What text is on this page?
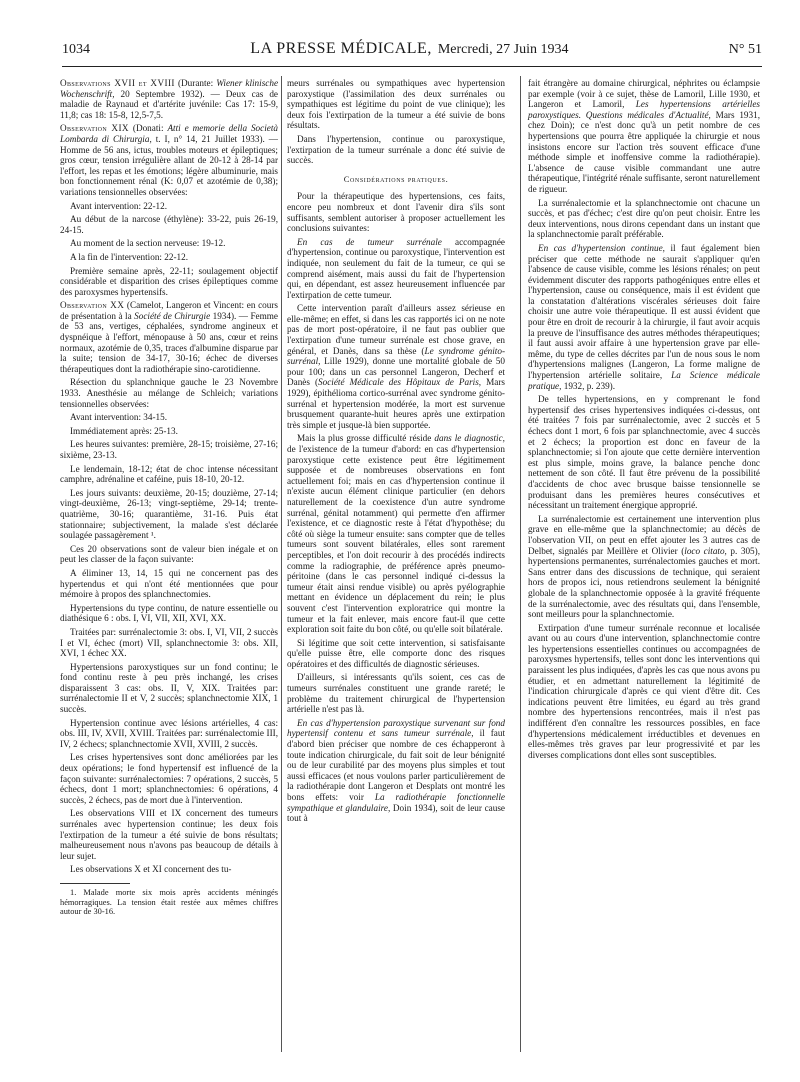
1034	LA PRESSE MÉDICALE, Mercredi, 27 Juin 1934	N° 51

Observations XVII et XVIII (Durante: Wiener klinische Wochenschrift, 20 Septembre 1932). — Deux cas de maladie de Raynaud et d'artérite juvénile: Cas 17: 15-9, 11,8; cas 18: 15-8, 12,5-7,5.

Observation XIX (Donati: Atti e memorie della Società Lombarda di Chirurgia, t. I, n° 14, 21 Juillet 1933). — Homme de 56 ans, ictus, troubles moteurs et épileptiques; gros cœur, tension irrégulière allant de 20-12 à 28-14 par l'effort, les repas et les émotions; légère albuminurie, mais bon fonctionnement rénal (K: 0,07 et azotémie de 0,38); variations tensionnelles observées:

Avant intervention: 22-12.

Au début de la narcose (éthylène): 33-22, puis 26-19, 24-15.

Au moment de la section nerveuse: 19-12.

A la fin de l'intervention: 22-12.

Première semaine après, 22-11; soulagement objectif considérable et disparition des crises épileptiques comme des paroxysmes hypertensifs.

Observation XX (Camelot, Langeron et Vincent: en cours de présentation à la Société de Chirurgie 1934). — Femme de 53 ans, vertiges, céphalées, syndrome angineux et dyspnéique à l'effort, ménopause à 50 ans, cœur et reins normaux, azotémie de 0,35, traces d'albumine disparue par la suite; tension de 34-17, 30-16; échec de diverses thérapeutiques dont la radiothérapie sino-carotidienne.

Résection du splanchnique gauche le 23 Novembre 1933. Anesthésie au mélange de Schleich; variations tensionnelles observées:

Avant intervention: 34-15.

Immédiatement après: 25-13.

Les heures suivantes: première, 28-15; troisième, 27-16; sixième, 23-13.

Le lendemain, 18-12; état de choc intense nécessitant camphre, adrénaline et caféine, puis 18-10, 20-12.

Les jours suivants: deuxième, 20-15; douzième, 27-14; vingt-deuxième, 26-13; vingt-septième, 29-14; trente-quatrième, 30-16; quarantième, 31-16. Puis état stationnaire; subjectivement, la malade s'est déclarée soulagée passagèrement ¹.

Ces 20 observations sont de valeur bien inégale et on peut les classer de la façon suivante:

A éliminer 13, 14, 15 qui ne concernent pas des hypertendus et qui n'ont été mentionnées que pour mémoire à propos des splanchnectomies.

Hypertensions du type continu, de nature essentielle ou diathésique 6 : obs. I, VI, VII, XII, XVI, XX.

Traitées par: surrénalectomie 3: obs. I, VI, VII, 2 succès I et VI, échec (mort) VII, splanchnectomie 3: obs. XII, XVI, 1 échec XX.

Hypertensions paroxystiques sur un fond continu; le fond continu reste à peu près inchangé, les crises disparaissent 3 cas: obs. II, V, XIX. Traitées par: surrénalectomie II et V, 2 succès; splanchnectomie XIX, 1 succès.

Hypertension continue avec lésions artérielles, 4 cas: obs. III, IV, XVII, XVIII. Traitées par: surrénalectomie III, IV, 2 échecs; splanchnectomie XVII, XVIII, 2 succès.

Les crises hypertensives sont donc améliorées par les deux opérations; le fond hypertensif est influencé de la façon suivante: surrénalectomies: 7 opérations, 2 succès, 5 échecs, dont 1 mort; splanchnectomies: 6 opérations, 4 succès, 2 échecs, pas de mort due à l'intervention.

Les observations VIII et IX concernent des tumeurs surrénales avec hypertension continue; les deux fois l'extirpation de la tumeur a été suivie de bons résultats; malheureusement nous n'avons pas beaucoup de détails à leur sujet.

Les observations X et XI concernent des tu-

1. Malade morte six mois après accidents méningés hémorragiques. La tension était restée aux mêmes chiffres autour de 30-16.

meurs surrénales ou sympathiques avec hypertension paroxystique (l'assimilation des deux surrénales ou sympathiques est légitime du point de vue clinique); les deux fois l'extirpation de la tumeur a été suivie de bons résultats.

Dans l'hypertension, continue ou paroxystique, l'extirpation de la tumeur surrénale a donc été suivie de succès.

Considérations pratiques.

Pour la thérapeutique des hypertensions, ces faits, encore peu nombreux et dont l'avenir dira s'ils sont suffisants, semblent autoriser à proposer actuellement les conclusions suivantes:

En cas de tumeur surrénale accompagnée d'hypertension, continue ou paroxystique, l'intervention est indiquée, non seulement du fait de la tumeur, ce qui se comprend aisément, mais aussi du fait de l'hypertension qui, en dépendant, est assez heureusement influencée par l'extirpation de cette tumeur.

Cette intervention paraît d'ailleurs assez sérieuse en elle-même; en effet, si dans les cas rapportés ici on ne note pas de mort post-opératoire, il ne faut pas oublier que l'extirpation d'une tumeur surrénale est chose grave, en général, et Danès, dans sa thèse (Le syndrome génito-surrénal, Lille 1929), donne une mortalité globale de 50 pour 100; dans un cas personnel Langeron, Decherf et Danès (Société Médicale des Hôpitaux de Paris, Mars 1929), épithélioma cortico-surrénal avec syndrome génito-surrénal et hypertension modérée, la mort est survenue brusquement quarante-huit heures après une extirpation très simple et jusque-là bien supportée.

Mais la plus grosse difficulté réside dans le diagnostic, de l'existence de la tumeur d'abord: en cas d'hypertension paroxystique cette existence peut être légitimement supposée et de nombreuses observations en font actuellement foi; mais en cas d'hypertension continue il n'existe aucun élément clinique particulier (en dehors naturellement de la coexistence d'un autre syndrome surrénal, génital notamment) qui permette d'en affirmer l'existence, et ce diagnostic reste à l'état d'hypothèse; du côté où siège la tumeur ensuite: sans compter que de telles tumeurs sont souvent bilatérales, elles sont rarement perceptibles, et l'on doit recourir à des procédés indirects comme la radiographie, de préférence après pneumo-péritoine (dans le cas personnel indiqué ci-dessus la tumeur était ainsi rendue visible) ou après pyélographie mettant en évidence un déplacement du rein; le plus souvent c'est l'intervention exploratrice qui montre la tumeur et la fait enlever, mais encore faut-il que cette exploration soit faite du bon côté, ou qu'elle soit bilatérale.

Si légitime que soit cette intervention, si satisfaisante qu'elle puisse être, elle comporte donc des risques opératoires et des difficultés de diagnostic sérieuses.

D'ailleurs, si intéressants qu'ils soient, ces cas de tumeurs surrénales constituent une grande rareté; le problème du traitement chirurgical de l'hypertension artérielle n'est pas là.

En cas d'hypertension paroxystique survenant sur fond hypertensif contenu et sans tumeur surrénale, il faut d'abord bien préciser que nombre de ces échapperont à toute indication chirurgicale, du fait soit de leur bénignité ou de leur curabilité par des moyens plus simples et tout aussi efficaces (et nous voulons parler particulièrement de la radiothérapie dont Langeron et Desplats ont montré les bons effets: voir La radiothérapie fonctionnelle sympathique et glandulaire, Doin 1934), soit de leur cause tout à

fait étrangère au domaine chirurgical, néphrites ou éclampsie par exemple (voir à ce sujet, thèse de Lamoril, Lille 1930, et Langeron et Lamoril, Les hypertensions artérielles paroxystiques. Questions médicales d'Actualité, Mars 1931, chez Doin); ce n'est donc qu'à un petit nombre de ces hypertensions que pourra être appliquée la chirurgie et nous insistons encore sur l'action très souvent efficace d'une méthode simple et inoffensive comme la radiothérapie). L'absence de cause visible commandant une autre thérapeutique, l'intégrité rénale suffisante, seront naturellement de rigueur.

La surrénalectomie et la splanchnectomie ont chacune un succès, et pas d'échec; c'est dire qu'on peut choisir. Entre les deux interventions, nous dirons cependant dans un instant que la splanchnectomie paraît préférable.

En cas d'hypertension continue, il faut également bien préciser que cette méthode ne saurait s'appliquer qu'en l'absence de cause visible, comme les lésions rénales; on peut évidemment discuter des rapports pathogéniques entre elles et l'hypertension, cause ou conséquence, mais il est évident que la constatation d'altérations viscérales sérieuses doit faire choisir une autre voie thérapeutique. Il est aussi évident que pour être en droit de recourir à la chirurgie, il faut avoir acquis la preuve de l'insuffisance des autres méthodes thérapeutiques; il faut aussi avoir affaire à une hypertension grave par elle-même, du type de celles décrites par l'un de nous sous le nom d'hypertensions malignes (Langeron, La forme maligne de l'hypertension artérielle solitaire, La Science médicale pratique, 1932, p. 239).

De telles hypertensions, en y comprenant le fond hypertensif des crises hypertensives indiquées ci-dessus, ont été traitées 7 fois par surrénalectomie, avec 2 succès et 5 échecs dont 1 mort, 6 fois par splanchnectomie, avec 4 succès et 2 échecs; la proportion est donc en faveur de la splanchnectomie; si l'on ajoute que cette dernière intervention est plus simple, moins grave, la balance penche donc nettement de son côté. Il faut être prévenu de la possibilité d'accidents de choc avec brusque baisse tensionnelle se produisant dans les premières heures consécutives et nécessitant un traitement énergique approprié.

La surrénalectomie est certainement une intervention plus grave en elle-même que la splanchnectomie; au décès de l'observation VII, on peut en effet ajouter les 3 autres cas de Delbet, signalés par Meillère et Olivier (loco citato, p. 305), hypertensions permanentes, surrénalectomies gauches et mort. Sans entrer dans des discussions de technique, qui seraient hors de propos ici, nous retiendrons seulement la bénignité globale de la splanchnectomie opposée à la gravité fréquente de la surrénalectomie, avec des résultats qui, dans l'ensemble, sont meilleurs pour la splanchnectomie.

Extirpation d'une tumeur surrénale reconnue et localisée avant ou au cours d'une intervention, splanchnectomie contre les hypertensions essentielles continues ou accompagnées de paroxysmes hypertensifs, telles sont donc les interventions qui paraissent les plus indiquées, d'après les cas que nous avons pu étudier, et en admettant naturellement la légitimité de l'indication chirurgicale d'après ce qui vient d'être dit. Ces indications peuvent être limitées, eu égard au très grand nombre des hypertensions rencontrées, mais il n'est pas indifférent d'en connaître les ressources possibles, en face d'hypertensions médicalement irréductibles et devenues en elles-mêmes très graves par leur progressivité et par les diverses complications dont elles sont susceptibles.
